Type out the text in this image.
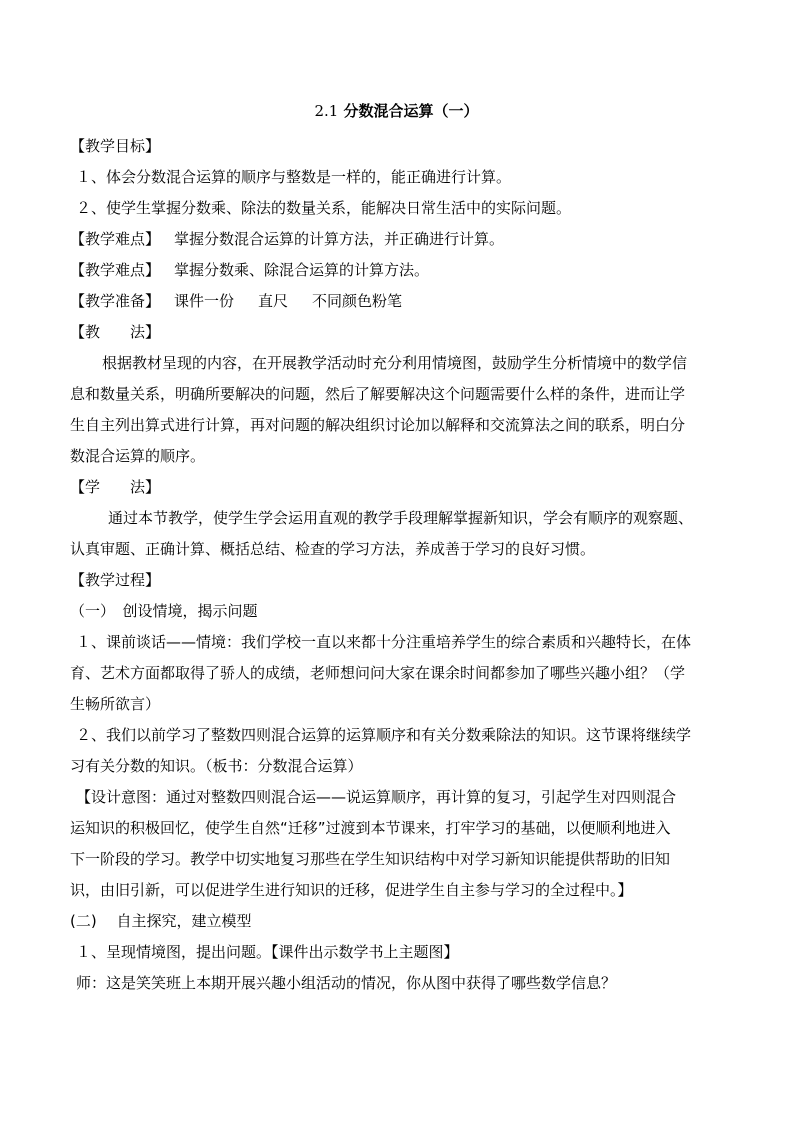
2.1 分数混合运算（一）

【教学目标】

１、体会分数混合运算的顺序与整数是一样的，能正确进行计算。

２、使学生掌握分数乘、除法的数量关系，能解决日常生活中的实际问题。

【教学难点】 掌握分数混合运算的计算方法，并正确进行计算。

【教学难点】 掌握分数乘、除混合运算的计算方法。

【教学准备】 课件一份 直尺 不同颜色粉笔

【教　　法】

根据教材呈现的内容，在开展教学活动时充分利用情境图，鼓励学生分析情境中的数学信

息和数量关系，明确所要解决的问题，然后了解要解决这个问题需要什么样的条件，进而让学

生自主列出算式进行计算，再对问题的解决组织讨论加以解释和交流算法之间的联系，明白分

数混合运算的顺序。

【学　　法】

通过本节教学，使学生学会运用直观的教学手段理解掌握新知识，学会有顺序的观察题、

认真审题、正确计算、概括总结、检查的学习方法，养成善于学习的良好习惯。

【教学过程】

（一）　创设情境，揭示问题

１、课前谈话——情境：我们学校一直以来都十分注重培养学生的综合素质和兴趣特长，在体

育、艺术方面都取得了骄人的成绩，老师想问问大家在课余时间都参加了哪些兴趣小组？（学

生畅所欲言）

２、我们以前学习了整数四则混合运算的运算顺序和有关分数乘除法的知识。这节课将继续学

习有关分数的知识。（板书：分数混合运算）

【设计意图：通过对整数四则混合运——说运算顺序，再计算的复习，引起学生对四则混合

运知识的积极回忆，使学生自然“迁移”过渡到本节课来，打牢学习的基础，以便顺利地进入

下一阶段的学习。教学中切实地复习那些在学生知识结构中对学习新知识能提供帮助的旧知

识，由旧引新，可以促进学生进行知识的迁移，促进学生自主参与学习的全过程中。】

(二)　 自主探究，建立模型

１、呈现情境图，提出问题。【课件出示数学书上主题图】

师：这是笑笑班上本期开展兴趣小组活动的情况，你从图中获得了哪些数学信息？
